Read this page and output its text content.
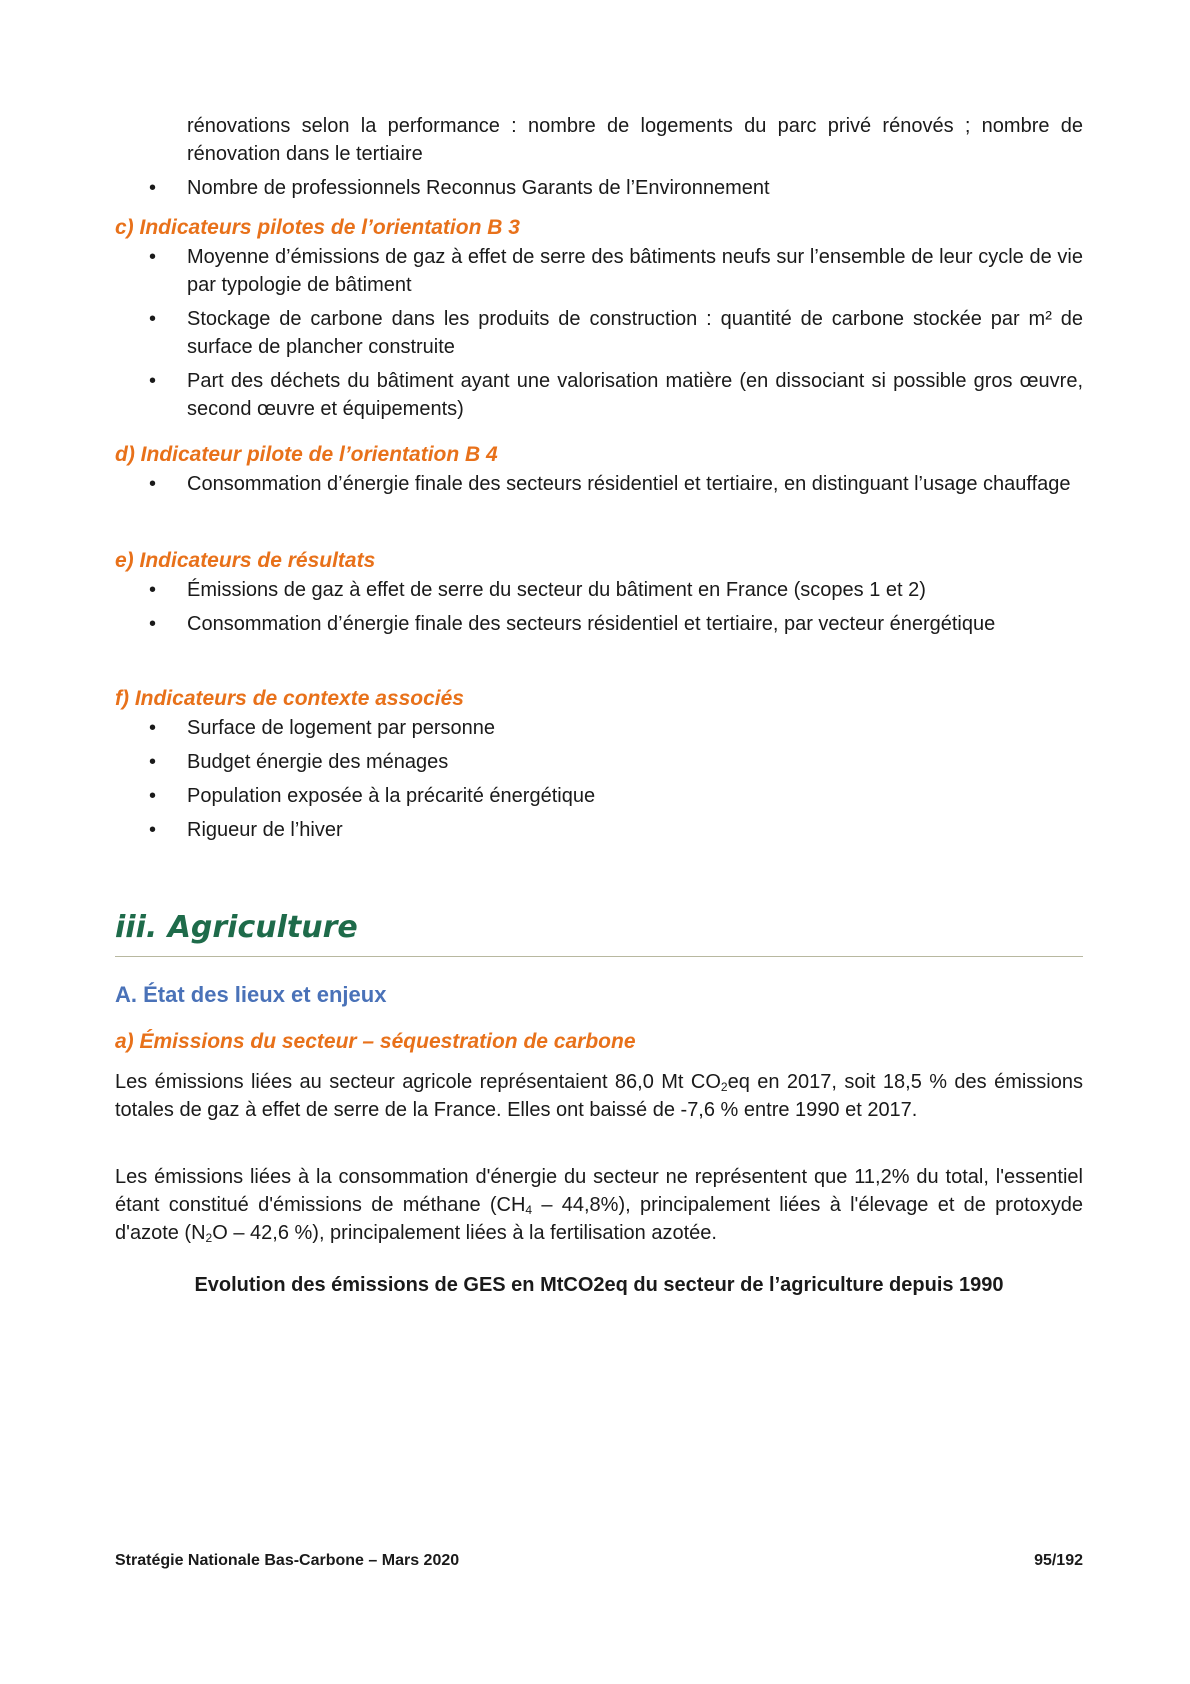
rénovations selon la performance : nombre de logements du parc privé rénovés ; nombre de rénovation dans le tertiaire

• Nombre de professionnels Reconnus Garants de l’Environnement
c) Indicateurs pilotes de l’orientation B 3
• Moyenne d’émissions de gaz à effet de serre des bâtiments neufs sur l’ensemble de leur cycle de vie par typologie de bâtiment
• Stockage de carbone dans les produits de construction : quantité de carbone stockée par m² de surface de plancher construite
• Part des déchets du bâtiment ayant une valorisation matière (en dissociant si possible gros œuvre, second œuvre et équipements)
d) Indicateur pilote de l’orientation B 4
• Consommation d’énergie finale des secteurs résidentiel et tertiaire, en distinguant l’usage chauffage
e) Indicateurs de résultats
• Émissions de gaz à effet de serre du secteur du bâtiment en France (scopes 1 et 2)
• Consommation d’énergie finale des secteurs résidentiel et tertiaire, par vecteur énergétique
f) Indicateurs de contexte associés
• Surface de logement par personne
• Budget énergie des ménages
• Population exposée à la précarité énergétique
• Rigueur de l’hiver
iii. Agriculture
A. État des lieux et enjeux
a) Émissions du secteur – séquestration de carbone

Les émissions liées au secteur agricole représentaient 86,0 Mt $CO_2eq$ en 2017, soit 18,5 % des émissions totales de gaz à effet de serre de la France. Elles ont baissé de -7,6 % entre 1990 et 2017.

Les émissions liées à la consommation d'énergie du secteur ne représentent que 11,2% du total, l'essentiel étant constitué d'émissions de méthane $(CH_4 - 44,8\%)$, principalement liées à l'élevage et de protoxyde d'azote ($N_2O - 42,6$ %), principalement liées à la fertilisation azotée.

Evolution des émissions de GES en MtCO2eq du secteur de l’agriculture depuis 1990

Stratégie Nationale Bas-Carbone – Mars 2020	95/192
